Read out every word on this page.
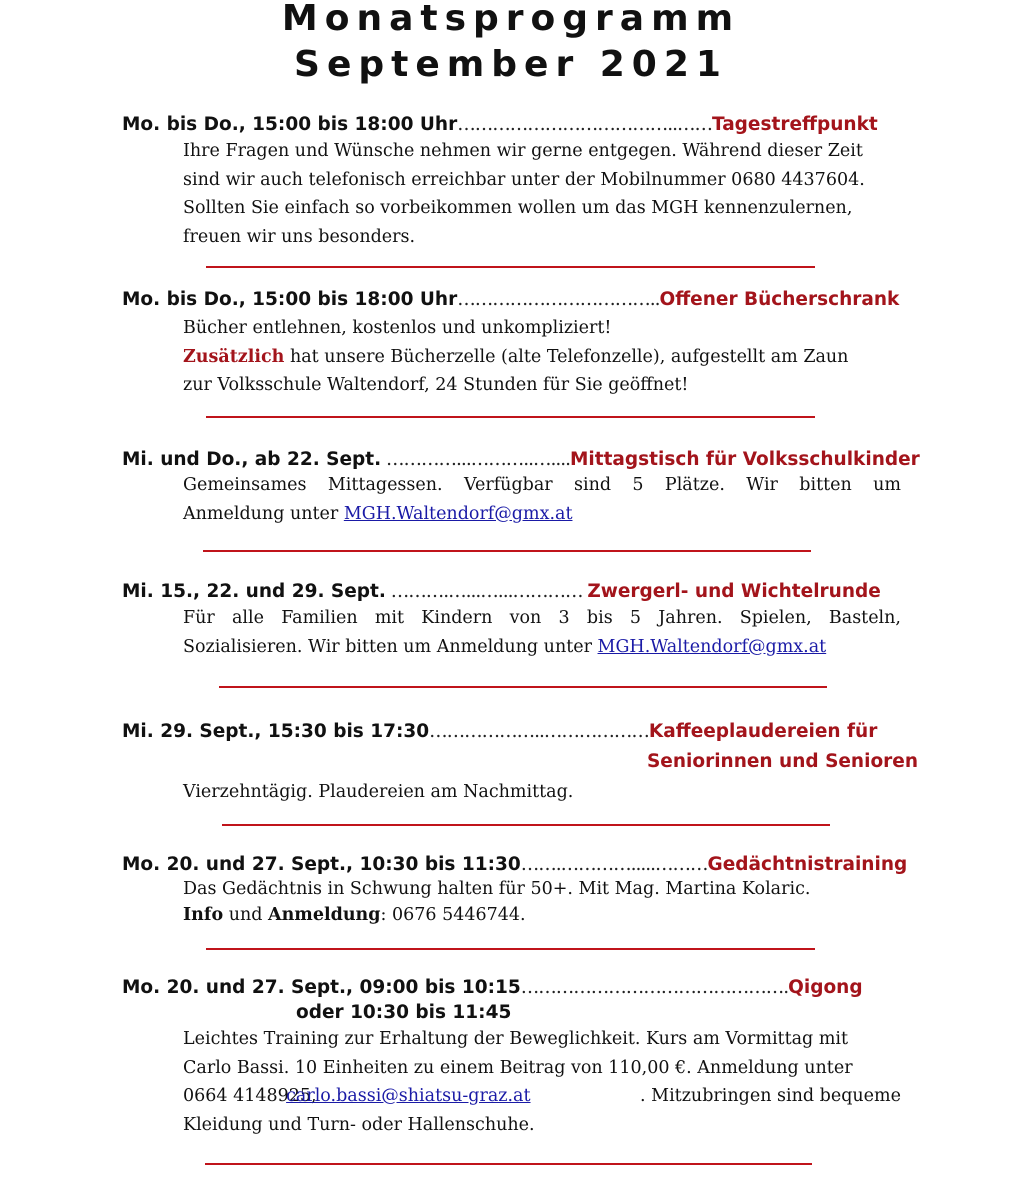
Monatsprogramm
September 2021
Mo. bis Do., 15:00 bis 18:00 Uhr………………………………..……Tagestreffpunkt
Ihre Fragen und Wünsche nehmen wir gerne entgegen. Während dieser Zeit
sind wir auch telefonisch erreichbar unter der Mobilnummer 0680 4437604.
Sollten Sie einfach so vorbeikommen wollen um das MGH kennenzulernen,
freuen wir uns besonders.
Mo. bis Do., 15:00 bis 18:00 Uhr……………………………..Offener Bücherschrank
Bücher entlehnen, kostenlos und unkompliziert!
Zusätzlich hat unsere Bücherzelle (alte Telefonzelle), aufgestellt am Zaun
zur Volksschule Waltendorf, 24 Stunden für Sie geöffnet!
Mi. und Do., ab 22. Sept. …………...………..…....Mittagstisch für Volksschulkinder
Gemeinsames Mittagessen. Verfügbar sind 5 Plätze. Wir bitten um
Anmeldung unter MGH.Waltendorf@gmx.at
Mi. 15., 22. und 29. Sept. ……….…...…...………… Zwergerl- und Wichtelrunde
Für alle Familien mit Kindern von 3 bis 5 Jahren. Spielen, Basteln,
Sozialisieren. Wir bitten um Anmeldung unter MGH.Waltendorf@gmx.at
Mi. 29. Sept., 15:30 bis 17:30………………..………………Kaffeeplaudereien für
Seniorinnen und Senioren
Vierzehntägig. Plaudereien am Nachmittag.
Mo. 20. und 27. Sept., 10:30 bis 11:30…….………….....………Gedächtnistraining
Das Gedächtnis in Schwung halten für 50+. Mit Mag. Martina Kolaric.
Info und Anmeldung: 0676 5446744.
Mo. 20. und 27. Sept., 09:00 bis 10:15……………………………………….Qigong
oder 10:30 bis 11:45
Leichtes Training zur Erhaltung der Beweglichkeit. Kurs am Vormittag mit
Carlo Bassi. 10 Einheiten zu einem Beitrag von 110,00 €. Anmeldung unter
0664 4148925,
carlo.bassi@shiatsu-graz.at	. Mitzubringen sind bequeme
Kleidung und Turn- oder Hallenschuhe.
